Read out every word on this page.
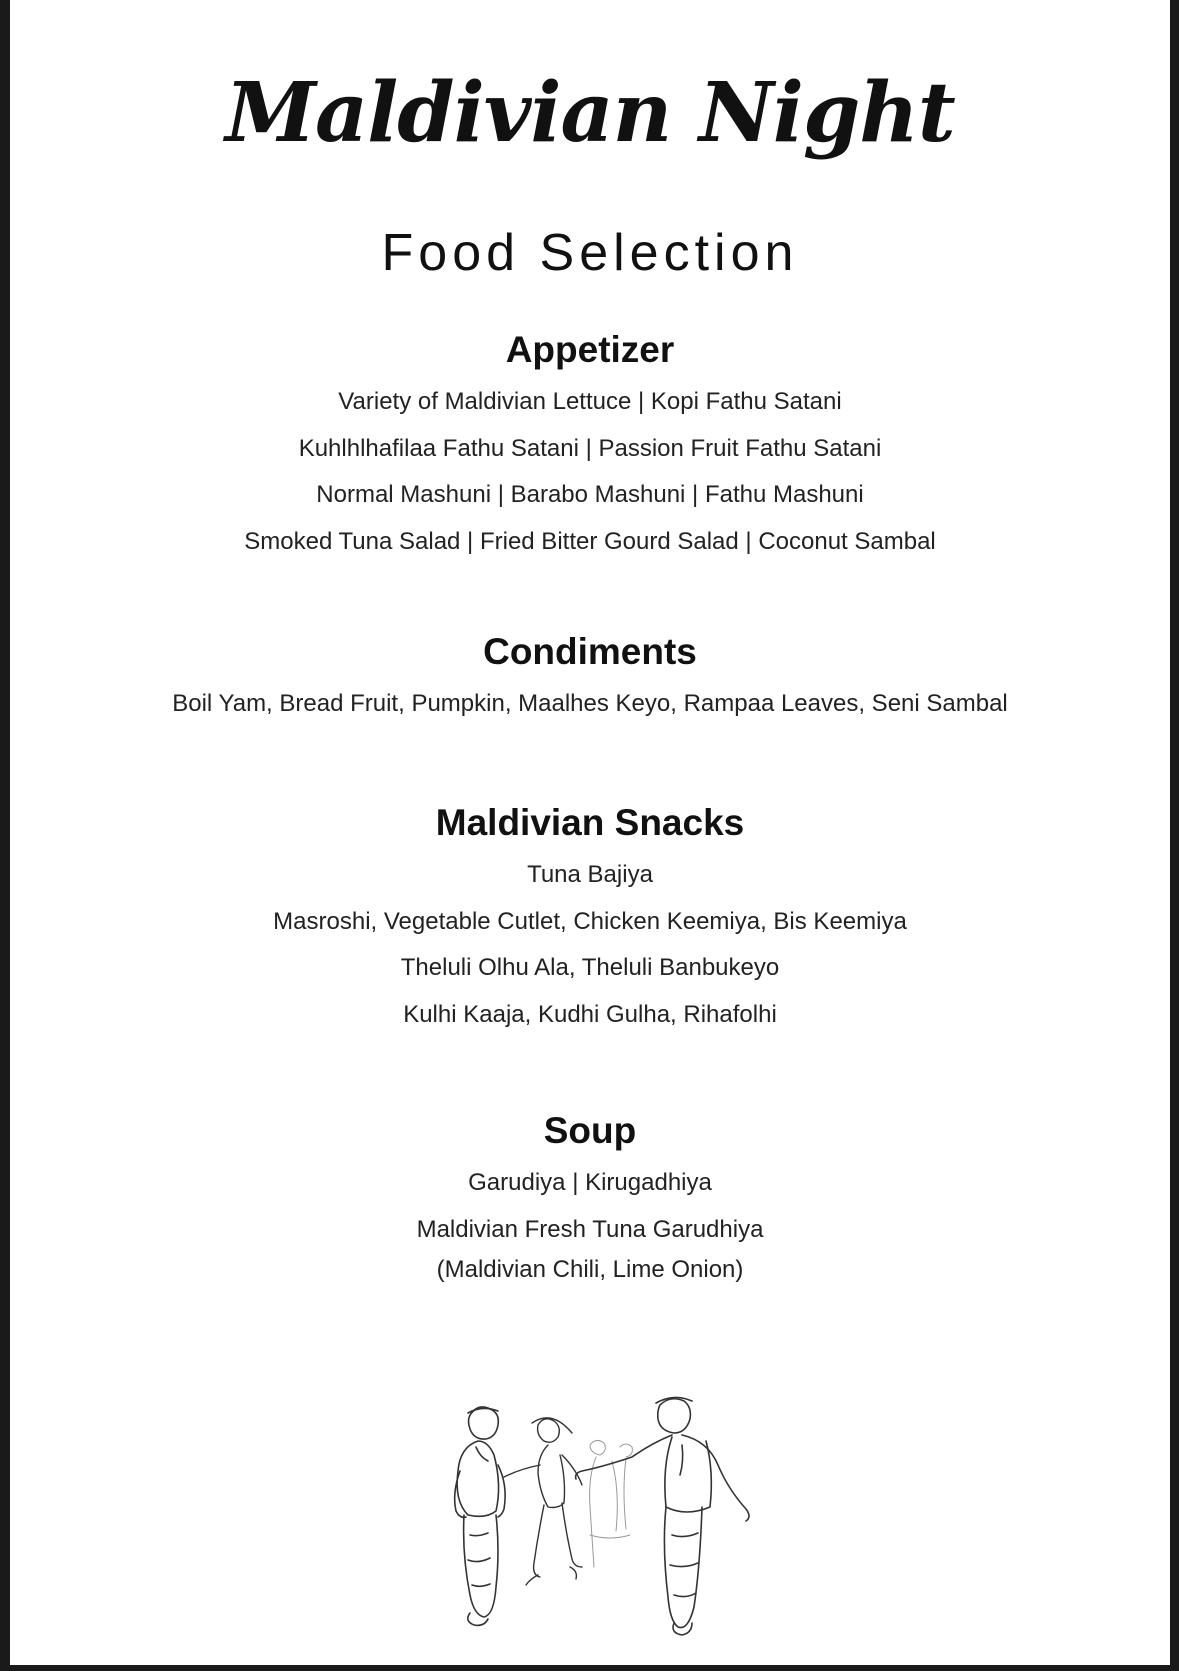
Maldivian Night
Food Selection
Appetizer
Variety of Maldivian Lettuce | Kopi Fathu Satani
Kuhlhlhafilaa Fathu Satani | Passion Fruit Fathu Satani
Normal Mashuni | Barabo Mashuni | Fathu Mashuni
Smoked Tuna Salad | Fried Bitter Gourd Salad | Coconut Sambal
Condiments
Boil Yam, Bread Fruit, Pumpkin, Maalhes Keyo, Rampaa Leaves, Seni Sambal
Maldivian Snacks
Tuna Bajiya
Masroshi, Vegetable Cutlet, Chicken Keemiya, Bis Keemiya
Theluli Olhu Ala, Theluli Banbukeyo
Kulhi Kaaja, Kudhi Gulha, Rihafolhi
Soup
Garudiya | Kirugadhiya
Maldivian Fresh Tuna Garudhiya
(Maldivian Chili, Lime Onion)
